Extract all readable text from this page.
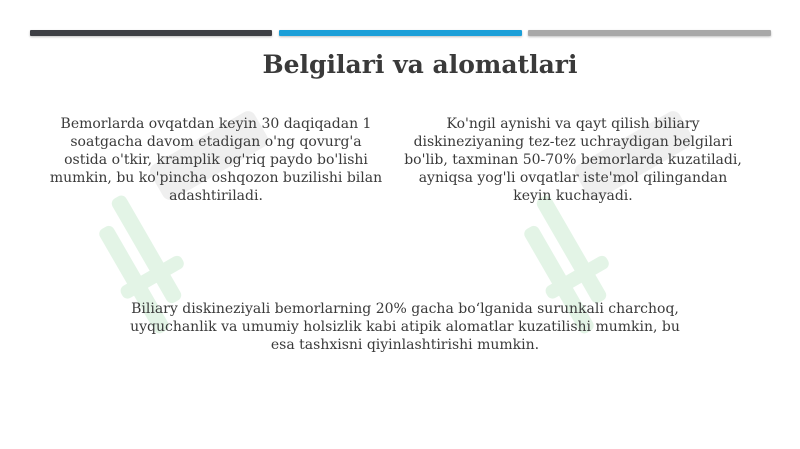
Belgilari va alomatlari

Bemorlarda ovqatdan keyin 30 daqiqadan 1 soatgacha davom etadigan o'ng qovurg'a ostida o'tkir, kramplik og'riq paydo bo'lishi mumkin, bu ko'pincha oshqozon buzilishi bilan adashtiriladi.

Ko'ngil aynishi va qayt qilish biliary diskineziyaning tez-tez uchraydigan belgilari bo'lib, taxminan 50-70% bemorlarda kuzatiladi, ayniqsa yog'li ovqatlar iste'mol qilingandan keyin kuchayadi.

Biliary diskineziyali bemorlarning 20% gacha bo‘lganida surunkali charchoq, uyquchanlik va umumiy holsizlik kabi atipik alomatlar kuzatilishi mumkin, bu esa tashxisni qiyinlashtirishi mumkin.
